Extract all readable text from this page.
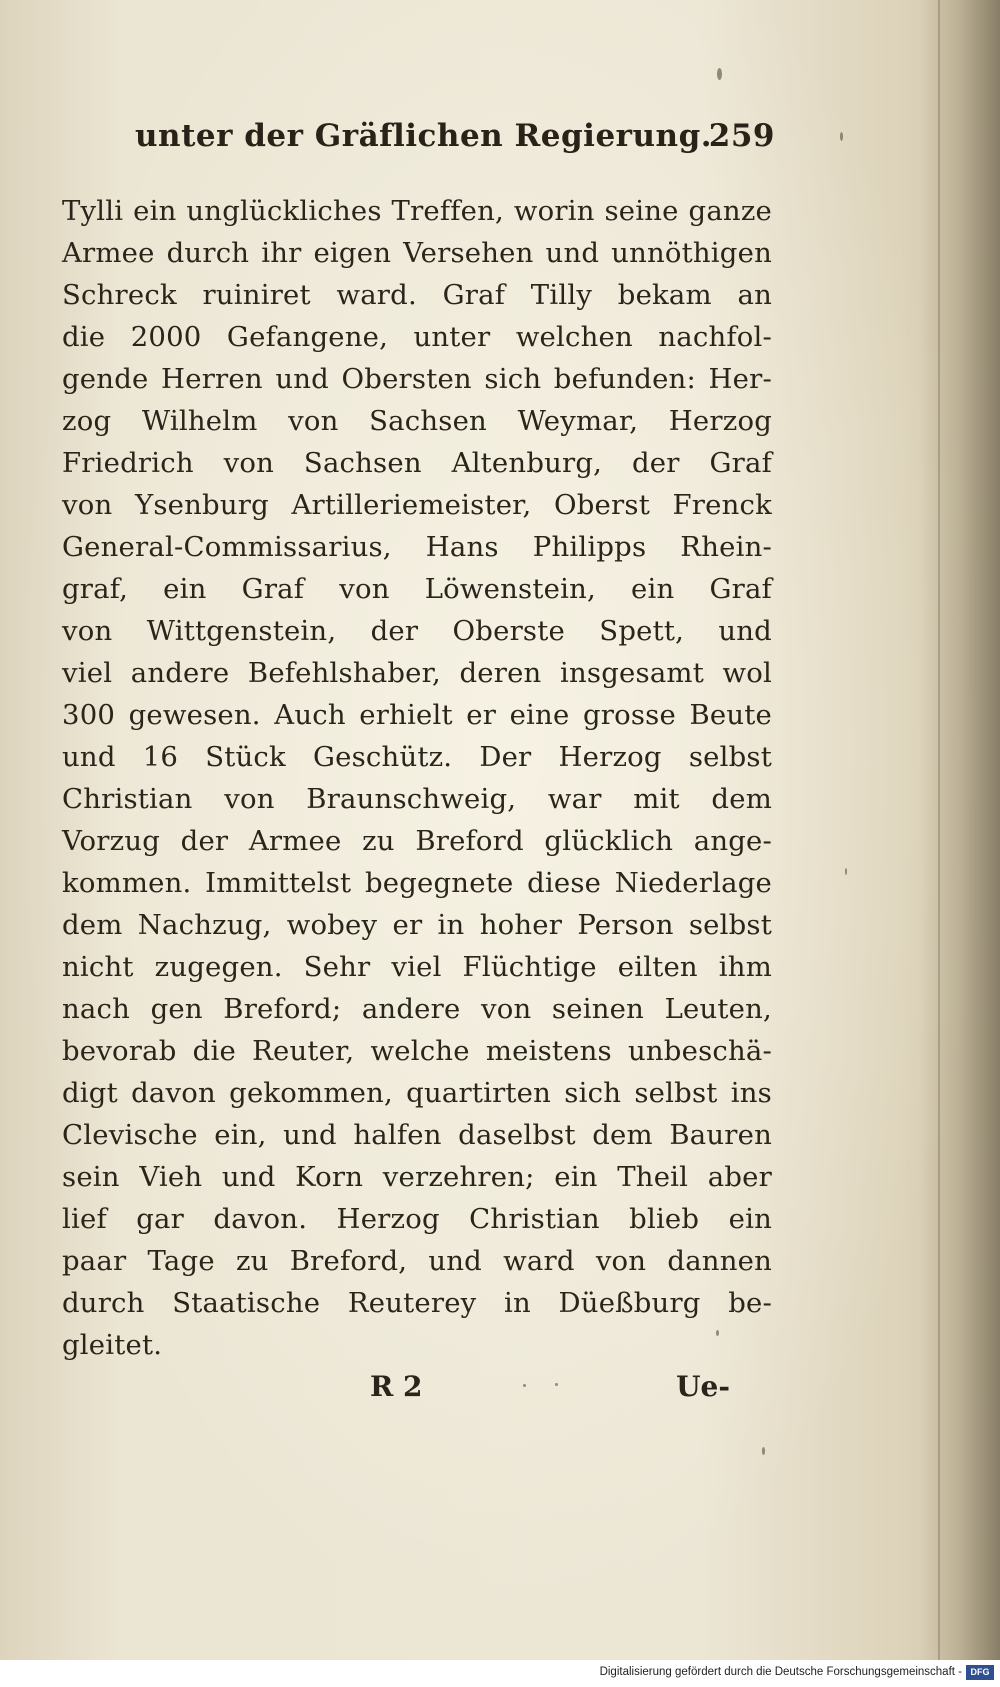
unter der Gräflichen Regierung.
259
Tylli ein unglückliches Treffen, worin seine ganze
Armee durch ihr eigen Versehen und unnöthigen
Schreck ruiniret ward. Graf Tilly bekam an
die 2000 Gefangene, unter welchen nachfol-
gende Herren und Obersten sich befunden: Her-
zog Wilhelm von Sachsen Weymar, Herzog
Friedrich von Sachsen Altenburg, der Graf
von Ysenburg Artilleriemeister, Oberst Frenck
General-Commissarius, Hans Philipps Rhein-
graf, ein Graf von Löwenstein, ein Graf
von Wittgenstein, der Oberste Spett, und
viel andere Befehlshaber, deren insgesamt wol
300 gewesen. Auch erhielt er eine grosse Beute
und 16 Stück Geschütz. Der Herzog selbst
Christian von Braunschweig, war mit dem
Vorzug der Armee zu Breford glücklich ange-
kommen. Immittelst begegnete diese Niederlage
dem Nachzug, wobey er in hoher Person selbst
nicht zugegen. Sehr viel Flüchtige eilten ihm
nach gen Breford; andere von seinen Leuten,
bevorab die Reuter, welche meistens unbeschä-
digt davon gekommen, quartirten sich selbst ins
Clevische ein, und halfen daselbst dem Bauren
sein Vieh und Korn verzehren; ein Theil aber
lief gar davon. Herzog Christian blieb ein
paar Tage zu Breford, und ward von dannen
durch Staatische Reuterey in Düeßburg be-
gleitet.
R 2	Ue-
Digitalisierung gefördert durch die Deutsche Forschungsgemeinschaft - DFG
